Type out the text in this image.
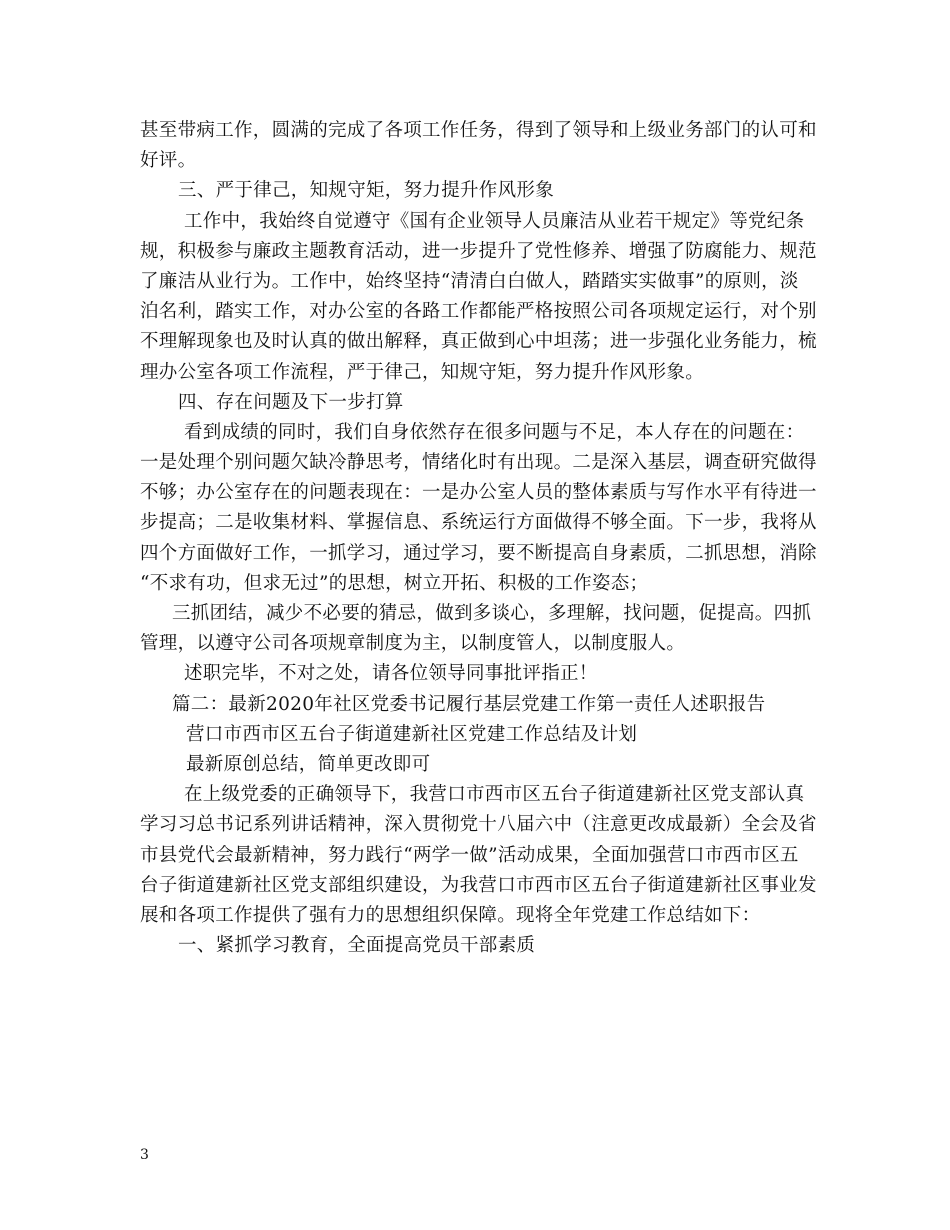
甚至带病工作，圆满的完成了各项工作任务，得到了领导和上级业务部门的认可和
好评。
三、严于律己，知规守矩，努力提升作风形象
工作中，我始终自觉遵守《国有企业领导人员廉洁从业若干规定》等党纪条
规，积极参与廉政主题教育活动，进一步提升了党性修养、增强了防腐能力、规范
了廉洁从业行为。工作中，始终坚持“清清白白做人，踏踏实实做事”的原则，淡
泊名利，踏实工作，对办公室的各路工作都能严格按照公司各项规定运行，对个别
不理解现象也及时认真的做出解释，真正做到心中坦荡；进一步强化业务能力，梳
理办公室各项工作流程，严于律己，知规守矩，努力提升作风形象。
四、存在问题及下一步打算
看到成绩的同时，我们自身依然存在很多问题与不足，本人存在的问题在：
一是处理个别问题欠缺冷静思考，情绪化时有出现。二是深入基层，调查研究做得
不够；办公室存在的问题表现在：一是办公室人员的整体素质与写作水平有待进一
步提高；二是收集材料、掌握信息、系统运行方面做得不够全面。下一步，我将从
四个方面做好工作，一抓学习，通过学习，要不断提高自身素质，二抓思想，消除
“不求有功，但求无过”的思想，树立开拓、积极的工作姿态；
三抓团结，减少不必要的猜忌，做到多谈心，多理解，找问题，促提高。四抓
管理，以遵守公司各项规章制度为主，以制度管人，以制度服人。
述职完毕，不对之处，请各位领导同事批评指正！
篇二：最新2020年社区党委书记履行基层党建工作第一责任人述职报告
营口市西市区五台子街道建新社区党建工作总结及计划
最新原创总结，简单更改即可
在上级党委的正确领导下，我营口市西市区五台子街道建新社区党支部认真
学习习总书记系列讲话精神，深入贯彻党十八届六中（注意更改成最新）全会及省
市县党代会最新精神，努力践行“两学一做”活动成果，全面加强营口市西市区五
台子街道建新社区党支部组织建设，为我营口市西市区五台子街道建新社区事业发
展和各项工作提供了强有力的思想组织保障。现将全年党建工作总结如下：
一、紧抓学习教育，全面提高党员干部素质
3
